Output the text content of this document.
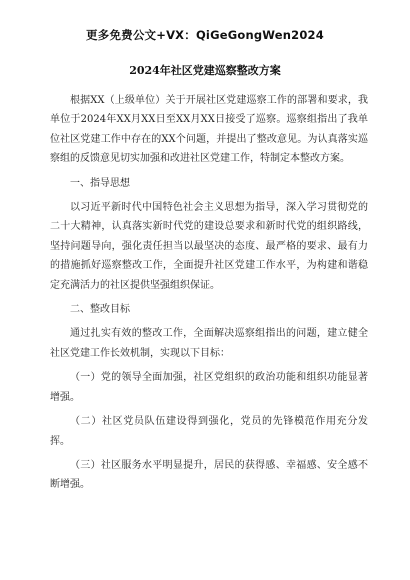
更多免费公文+VX：QiGeGongWen2024
2024年社区党建巡察整改方案

根据XX（上级单位）关于开展社区党建巡察工作的部署和要求，我单位于2024年XX月XX日至XX月XX日接受了巡察。巡察组指出了我单位社区党建工作中存在的XX个问题，并提出了整改意见。为认真落实巡察组的反馈意见切实加强和改进社区党建工作，特制定本整改方案。

一、指导思想

以习近平新时代中国特色社会主义思想为指导，深入学习贯彻党的二十大精神，认真落实新时代党的建设总要求和新时代党的组织路线，坚持问题导向，强化责任担当以最坚决的态度、最严格的要求、最有力的措施抓好巡察整改工作，全面提升社区党建工作水平，为构建和谐稳定充满活力的社区提供坚强组织保证。

二、整改目标

通过扎实有效的整改工作，全面解决巡察组指出的问题，建立健全社区党建工作长效机制，实现以下目标：

（一）党的领导全面加强，社区党组织的政治功能和组织功能显著增强。

（二）社区党员队伍建设得到强化，党员的先锋模范作用充分发挥。

（三）社区服务水平明显提升，居民的获得感、幸福感、安全感不断增强。
